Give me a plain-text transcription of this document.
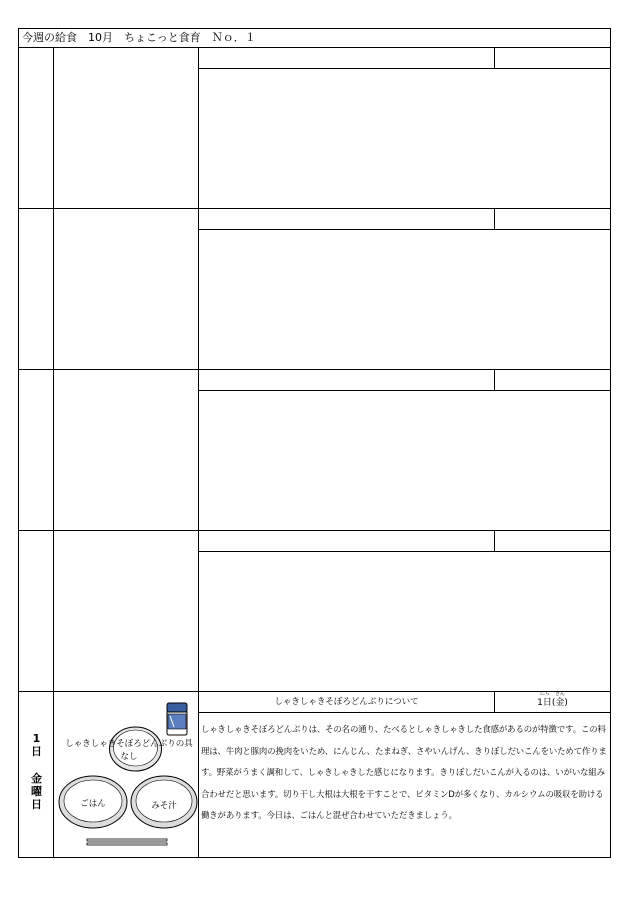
今週の給食　10月　ちょこっと食育　Ｎｏ．１
1
日
金
曜
日
しゃきしゃきそぼろどんぶりの具
なし
ごはん	みそ汁
しゃきしゃきそぼろどんぶりについて
にち　きん
1日(金)
しゃきしゃきそぼろどんぶりは、その名の通り、たべるとしゃきしゃきした食感があるのが特徴です。この料理は、牛肉と豚肉の挽肉をいため、にんじん、たまねぎ、さやいんげん、きりぼしだいこんをいためて作ります。野菜がうまく調和して、しゃきしゃきした感じになります。きりぼしだいこんが入るのは、いがいな組み合わせだと思います。切り干し大根は大根を干すことで、ビタミンDが多くなり、カルシウムの吸収を助ける働きがあります。今日は、ごはんと混ぜ合わせていただきましょう。
